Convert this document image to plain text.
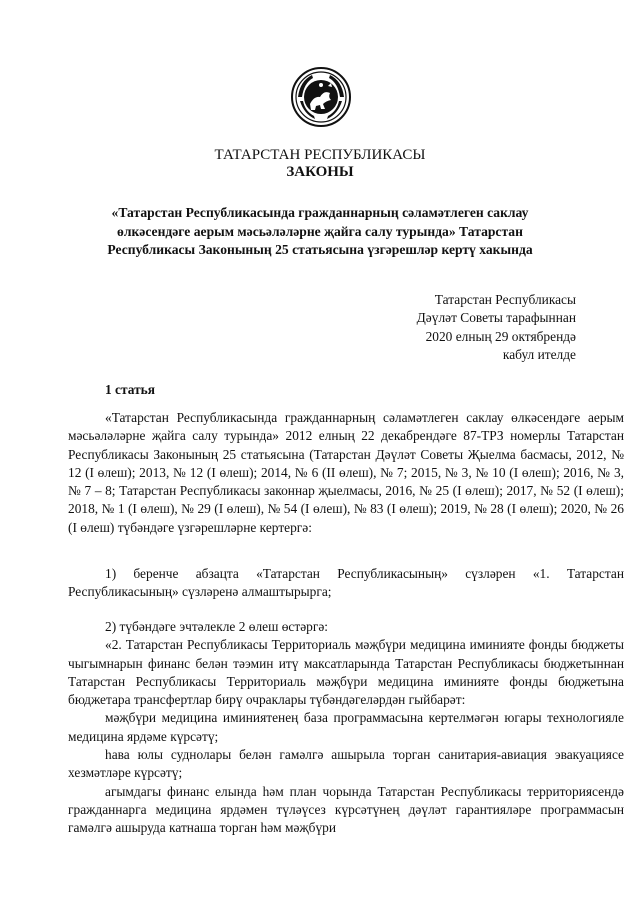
ТАТАРСТАН РЕСПУБЛИКАСЫ
ЗАКОНЫ
«Татарстан Республикасында гражданнарның сәламәтлеген саклау өлкәсендәге аерым мәсьәләләрне җайга салу турында» Татарстан Республикасы Законының 25 статьясына үзгәрешләр кертү хакында
Татарстан Республикасы
Дәүләт Советы тарафыннан
2020 елның 29 октябрендә
кабул ителде
1 статья

«Татарстан Республикасында гражданнарның сәламәтлеген саклау өлкәсендәге аерым мәсьәләләрне җайга салу турында» 2012 елның 22 декабрендәге 87-ТРЗ номерлы Татарстан Республикасы Законының 25 статьясына (Татарстан Дәүләт Советы Җыелма басмасы, 2012, № 12 (I өлеш); 2013, № 12 (I өлеш); 2014, № 6 (II өлеш), № 7; 2015, № 3, № 10 (I өлеш); 2016, № 3, № 7 – 8; Татарстан Республикасы законнар җыелмасы, 2016, № 25 (I өлеш); 2017, № 52 (I өлеш); 2018, № 1 (I өлеш), № 29 (I өлеш), № 54 (I өлеш), № 83 (I өлеш); 2019, № 28 (I өлеш); 2020, № 26 (I өлеш) түбәндәге үзгәрешләрне кертергә:

1) беренче абзацта «Татарстан Республикасының» сүзләрен «1. Татарстан Республикасының» сүзләренә алмаштырырга;

2) түбәндәге эчтәлекле 2 өлеш өстәргә:

«2. Татарстан Республикасы Территориаль мәҗбүри медицина иминияте фонды бюджеты чыгымнарын финанс белән тәэмин итү максатларында Татарстан Республикасы бюджетыннан Татарстан Республикасы Территориаль мәҗбүри медицина иминияте фонды бюджетына бюджетара трансфертлар бирү очраклары түбәндәгеләрдән гыйбарәт:

мәҗбүри медицина иминиятенең база программасына кертелмәгән югары технологияле медицина ярдәме күрсәтү;

һава юлы суднолары белән гамәлгә ашырыла торган санитария-авиация эвакуациясе хезмәтләре күрсәтү;

агымдагы финанс елында һәм план чорында Татарстан Республикасы территориясендә гражданнарга медицина ярдәмен түләүсез күрсәтүнең дәүләт гарантияләре программасын гамәлгә ашыруда катнаша торган һәм мәҗбүри
